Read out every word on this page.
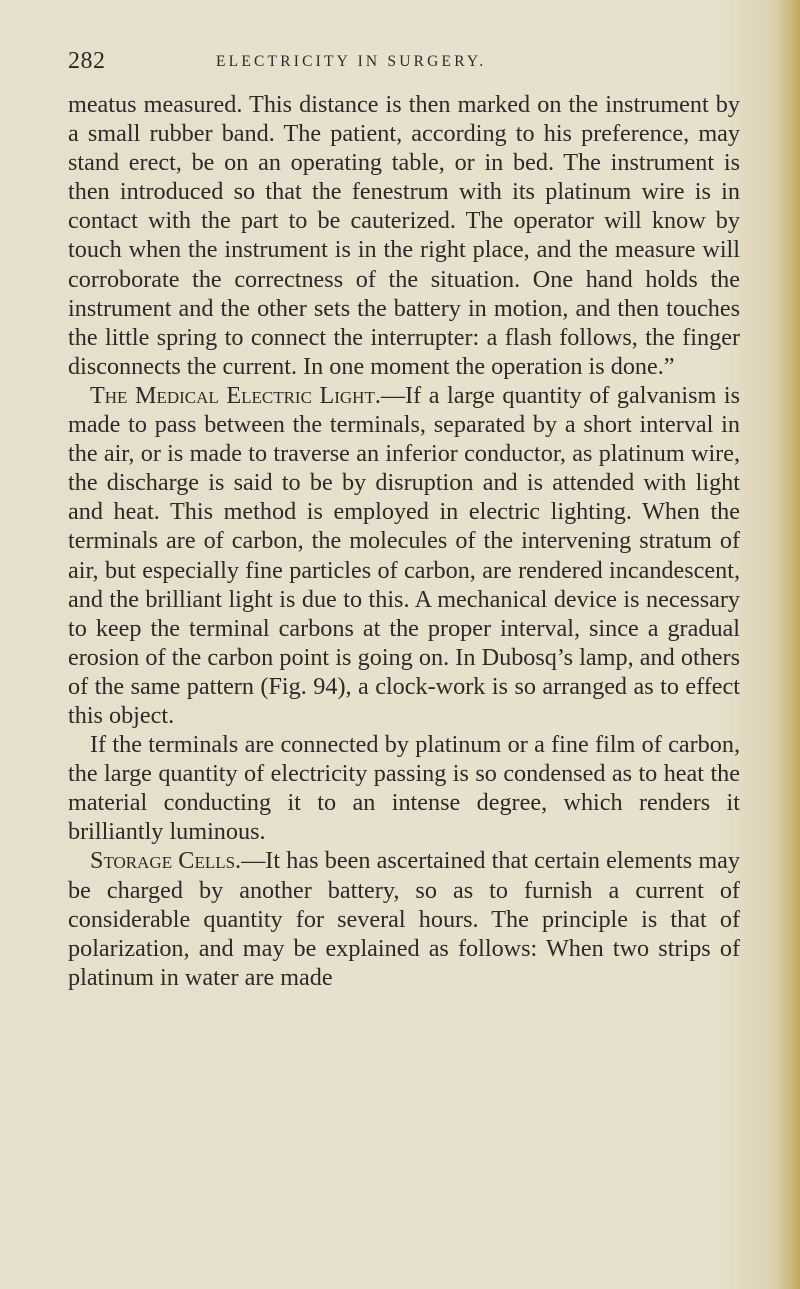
282	ELECTRICITY IN SURGERY.

meatus measured. This distance is then marked on the instrument by a small rubber band. The patient, according to his preference, may stand erect, be on an operating table, or in bed. The instrument is then introduced so that the fenestrum with its platinum wire is in contact with the part to be cauterized. The operator will know by touch when the instrument is in the right place, and the measure will corroborate the correctness of the situation. One hand holds the instrument and the other sets the battery in motion, and then touches the little spring to connect the interrupter: a flash follows, the finger disconnects the current. In one moment the operation is done.”

The Medical Electric Light.—If a large quantity of galvanism is made to pass between the terminals, separated by a short interval in the air, or is made to traverse an inferior conductor, as platinum wire, the discharge is said to be by disruption and is attended with light and heat. This method is employed in electric lighting. When the terminals are of carbon, the molecules of the intervening stratum of air, but especially fine particles of carbon, are rendered incandescent, and the brilliant light is due to this. A mechanical device is necessary to keep the terminal carbons at the proper interval, since a gradual erosion of the carbon point is going on. In Dubosq’s lamp, and others of the same pattern (Fig. 94), a clock-work is so arranged as to effect this object.

If the terminals are connected by platinum or a fine film of carbon, the large quantity of electricity passing is so condensed as to heat the material conducting it to an intense degree, which renders it brilliantly luminous.

Storage Cells.—It has been ascertained that certain elements may be charged by another battery, so as to furnish a current of considerable quantity for several hours. The principle is that of polarization, and may be explained as follows: When two strips of platinum in water are made
